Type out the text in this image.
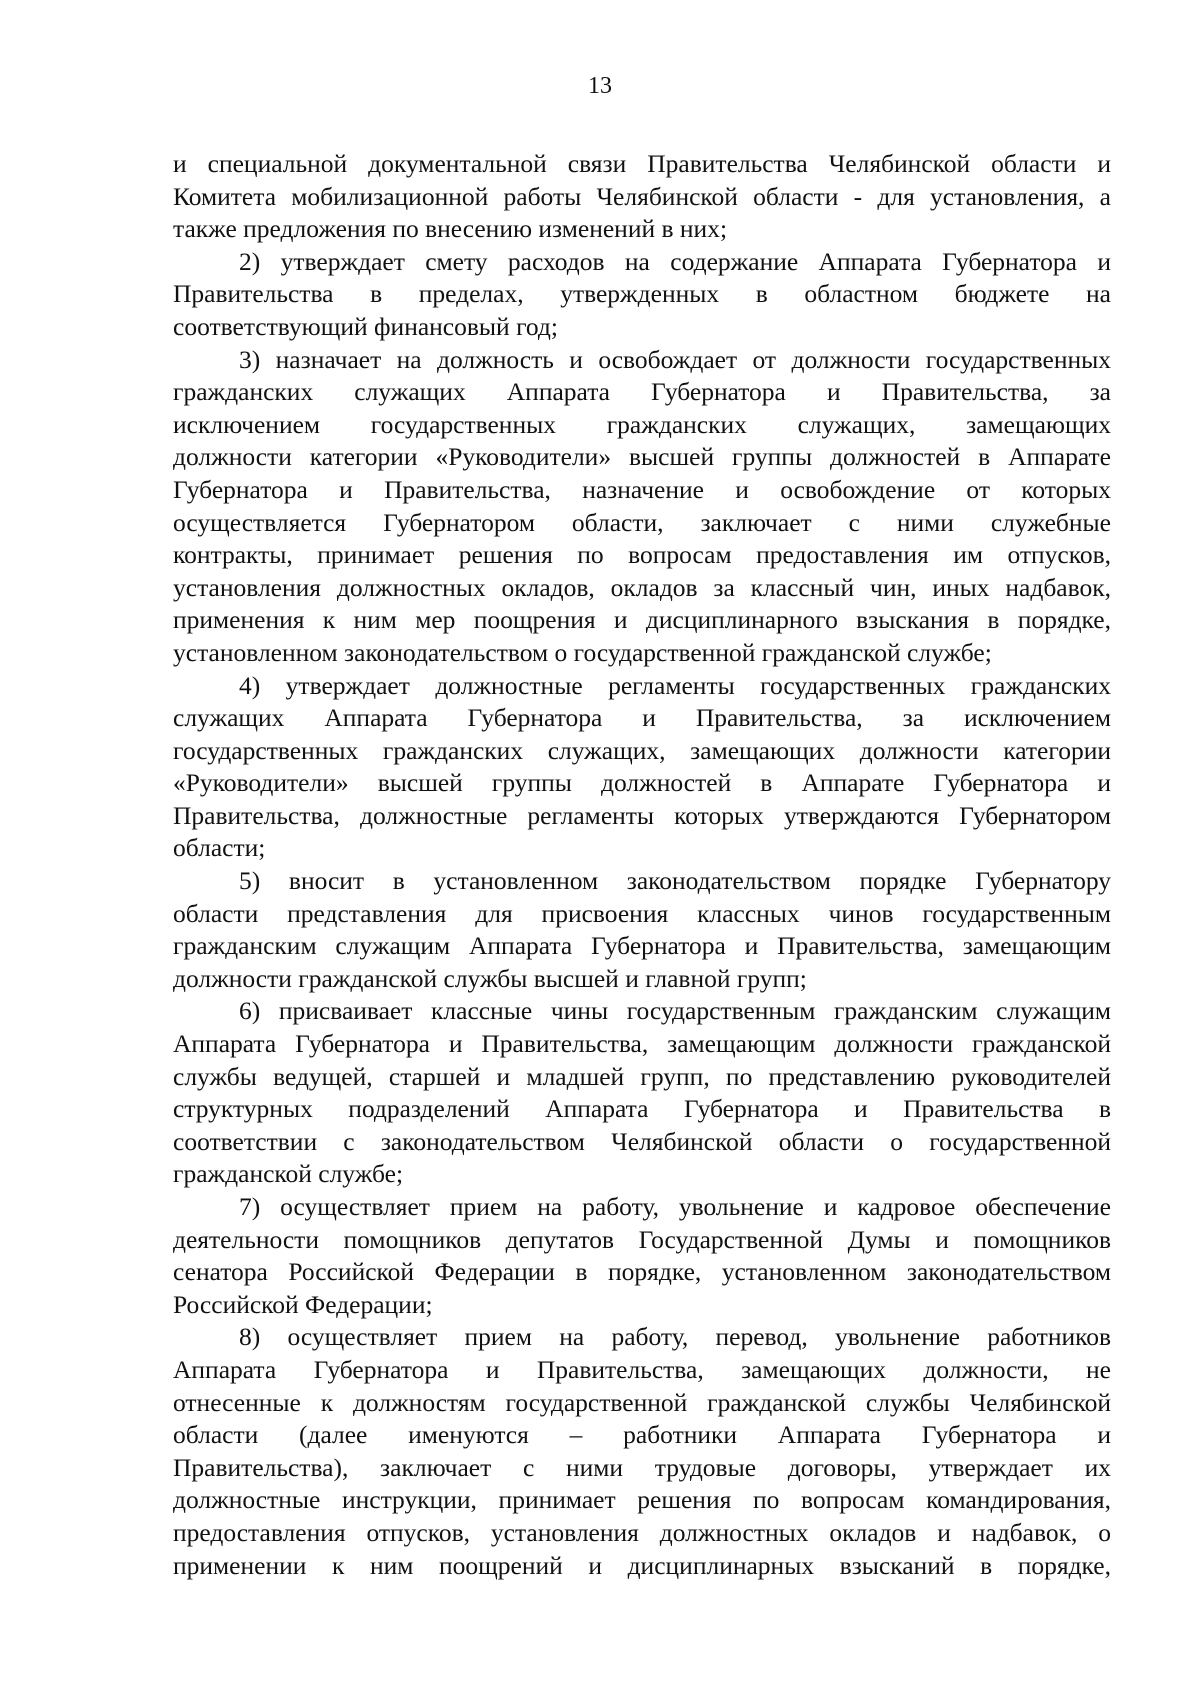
13
и специальной документальной связи Правительства Челябинской области и
Комитета мобилизационной работы Челябинской области - для установления, а
также предложения по внесению изменений в них;
2) утверждает смету расходов на содержание Аппарата Губернатора и
Правительства в пределах, утвержденных в областном бюджете на
соответствующий финансовый год;
3) назначает на должность и освобождает от должности государственных
гражданских служащих Аппарата Губернатора и Правительства, за
исключением государственных гражданских служащих, замещающих
должности категории «Руководители» высшей группы должностей в Аппарате
Губернатора и Правительства, назначение и освобождение от которых
осуществляется Губернатором области, заключает с ними служебные
контракты, принимает решения по вопросам предоставления им отпусков,
установления должностных окладов, окладов за классный чин, иных надбавок,
применения к ним мер поощрения и дисциплинарного взыскания в порядке,
установленном законодательством о государственной гражданской службе;
4) утверждает должностные регламенты государственных гражданских
служащих Аппарата Губернатора и Правительства, за исключением
государственных гражданских служащих, замещающих должности категории
«Руководители» высшей группы должностей в Аппарате Губернатора и
Правительства, должностные регламенты которых утверждаются Губернатором
области;
5) вносит в установленном законодательством порядке Губернатору
области представления для присвоения классных чинов государственным
гражданским служащим Аппарата Губернатора и Правительства, замещающим
должности гражданской службы высшей и главной групп;
6) присваивает классные чины государственным гражданским служащим
Аппарата Губернатора и Правительства, замещающим должности гражданской
службы ведущей, старшей и младшей групп, по представлению руководителей
структурных подразделений Аппарата Губернатора и Правительства в
соответствии с законодательством Челябинской области о государственной
гражданской службе;
7) осуществляет прием на работу, увольнение и кадровое обеспечение
деятельности помощников депутатов Государственной Думы и помощников
сенатора Российской Федерации в порядке, установленном законодательством
Российской Федерации;
8) осуществляет прием на работу, перевод, увольнение работников
Аппарата Губернатора и Правительства, замещающих должности, не
отнесенные к должностям государственной гражданской службы Челябинской
области (далее именуются – работники Аппарата Губернатора и
Правительства), заключает с ними трудовые договоры, утверждает их
должностные инструкции, принимает решения по вопросам командирования,
предоставления отпусков, установления должностных окладов и надбавок, о
применении к ним поощрений и дисциплинарных взысканий в порядке,
